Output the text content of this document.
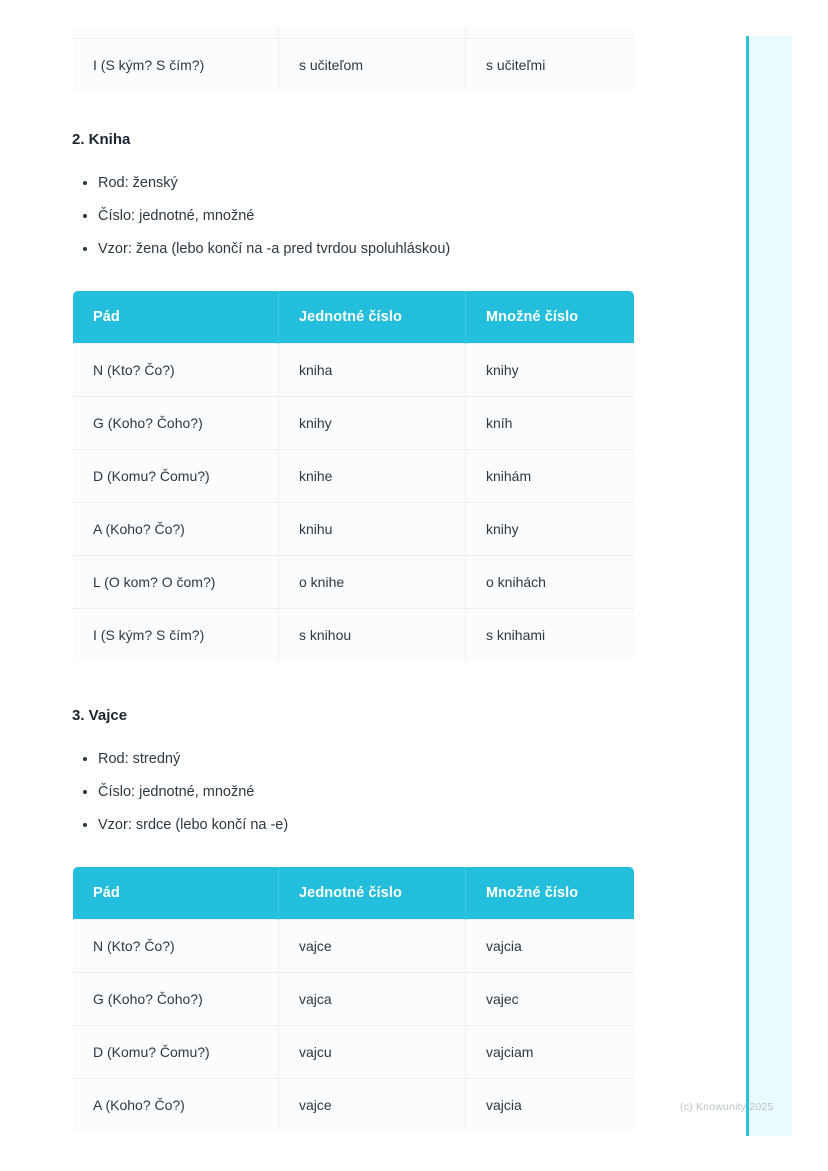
I (S kým? S čím?)	s učiteľom	s učiteľmi
2. Kniha
• Rod: ženský
• Číslo: jednotné, množné
• Vzor: žena (lebo končí na -a pred tvrdou spoluhláskou)
Pád	Jednotné číslo	Množné číslo
N (Kto? Čo?)	kniha	knihy
G (Koho? Čoho?)	knihy	kníh
D (Komu? Čomu?)	knihe	knihám
A (Koho? Čo?)	knihu	knihy
L (O kom? O čom?)	o knihe	o knihách
I (S kým? S čím?)	s knihou	s knihami
3. Vajce
• Rod: stredný
• Číslo: jednotné, množné
• Vzor: srdce (lebo končí na -e)
Pád	Jednotné číslo	Množné číslo
N (Kto? Čo?)	vajce	vajcia
G (Koho? Čoho?)	vajca	vajec
D (Komu? Čomu?)	vajcu	vajciam
A (Koho? Čo?)	vajce	vajcia	(c) Knowunity 2025
